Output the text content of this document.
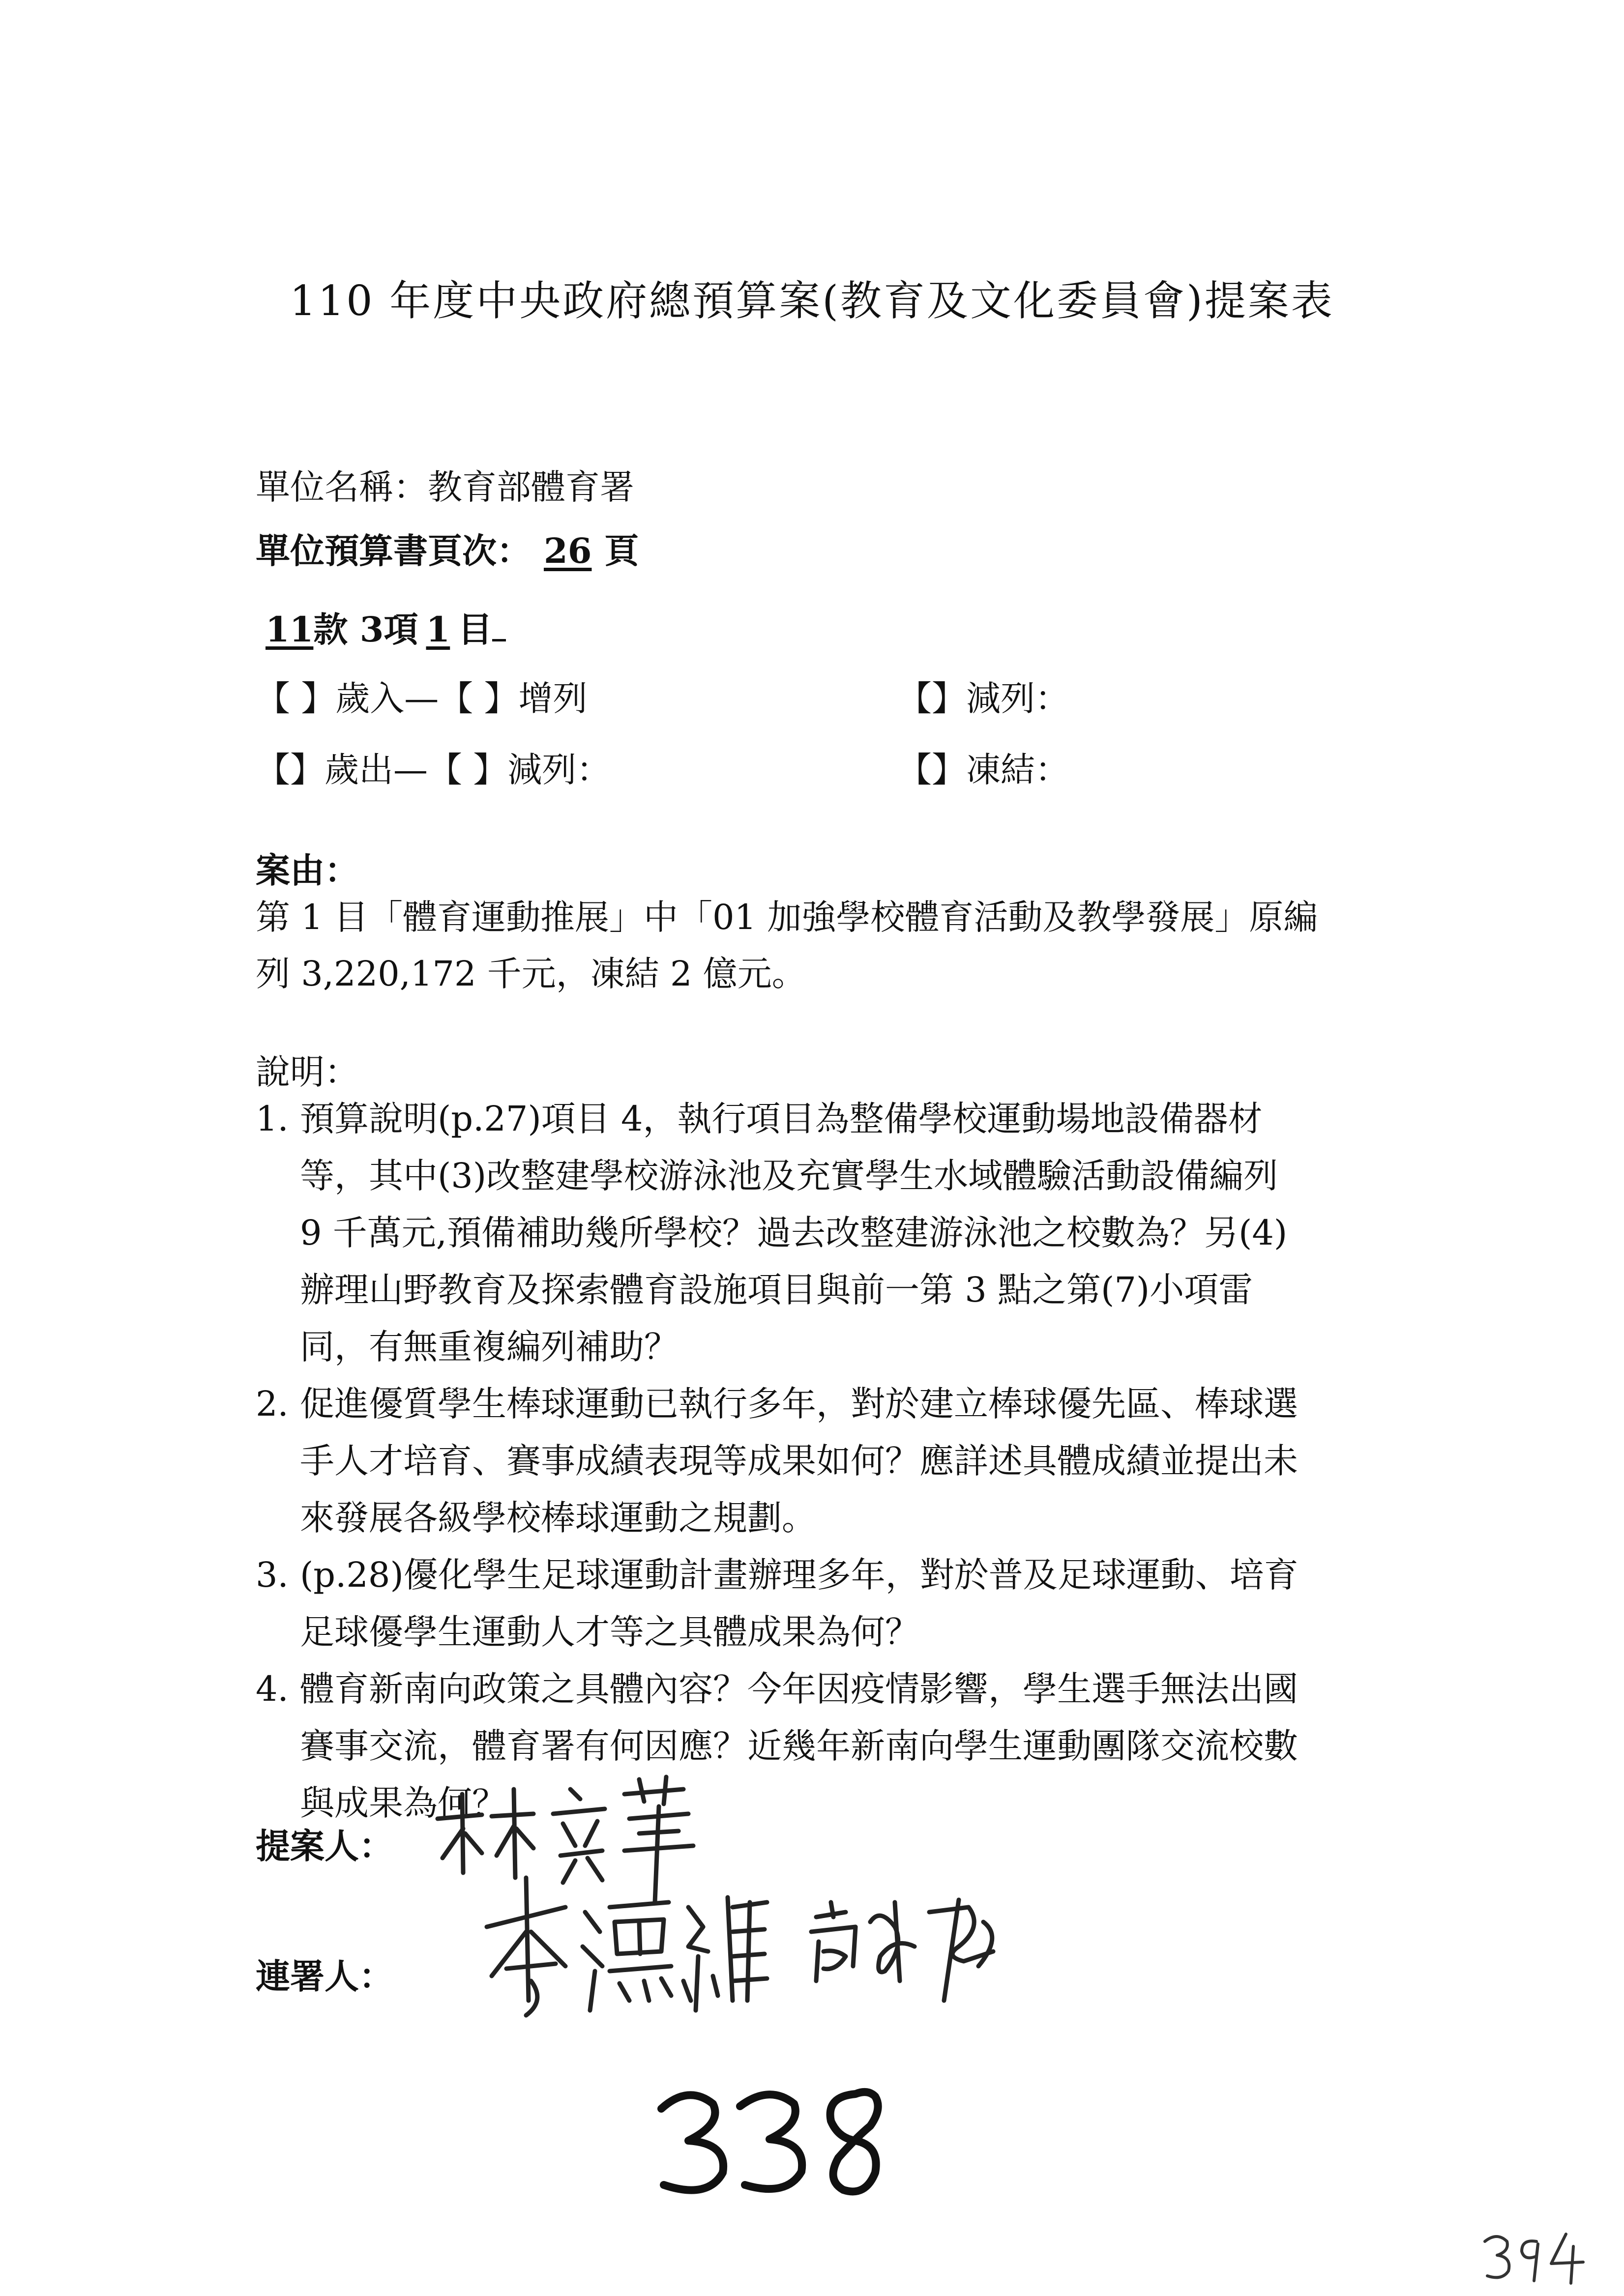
110 年度中央政府總預算案(教育及文化委員會)提案表
單位名稱：教育部體育署
單位預算書頁次： 26 頁
11款 3項 1 目
【 】歲入—【 】增列	【】減列：
【】歲出—【 】減列：	【】凍結：
案由：
第 1 目「體育運動推展」中「01 加強學校體育活動及教學發展」原編
列 3,220,172 千元，凍結 2 億元。
說明：
1. 預算說明(p.27)項目 4，執行項目為整備學校運動場地設備器材
等，其中(3)改整建學校游泳池及充實學生水域體驗活動設備編列
9 千萬元,預備補助幾所學校？過去改整建游泳池之校數為？另(4)
辦理山野教育及探索體育設施項目與前一第 3 點之第(7)小項雷
同，有無重複編列補助？
2. 促進優質學生棒球運動已執行多年，對於建立棒球優先區、棒球選
手人才培育、賽事成績表現等成果如何？應詳述具體成績並提出未
來發展各級學校棒球運動之規劃。
3. (p.28)優化學生足球運動計畫辦理多年，對於普及足球運動、培育
足球優學生運動人才等之具體成果為何？
4. 體育新南向政策之具體內容？今年因疫情影響，學生選手無法出國
賽事交流，體育署有何因應？近幾年新南向學生運動團隊交流校數
與成果為何？
提案人：
連署人：
